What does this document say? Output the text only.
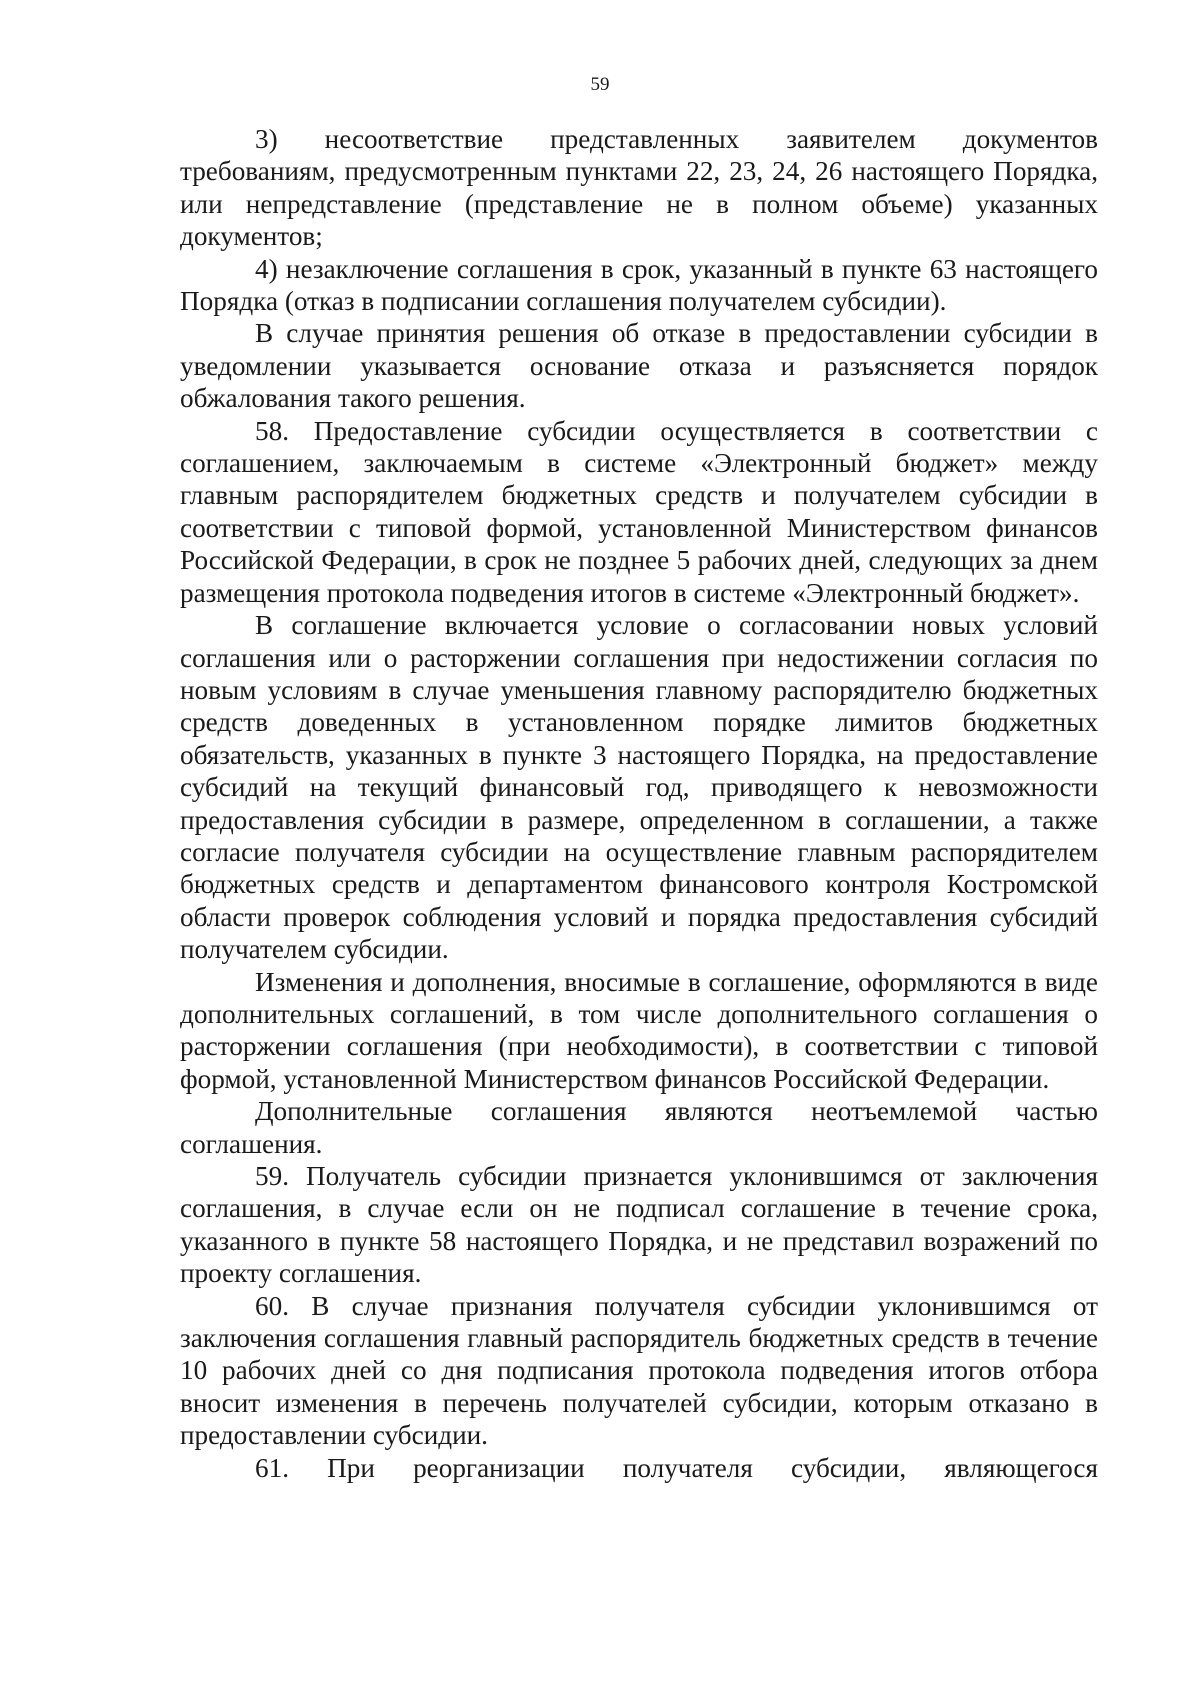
59

3) несоответствие представленных заявителем документов требованиям, предусмотренным пунктами 22, 23, 24, 26 настоящего Порядка, или непредставление (представление не в полном объеме) указанных документов;

4) незаключение соглашения в срок, указанный в пункте 63 настоящего Порядка (отказ в подписании соглашения получателем субсидии).

В случае принятия решения об отказе в предоставлении субсидии в уведомлении указывается основание отказа и разъясняется порядок обжалования такого решения.

58. Предоставление субсидии осуществляется в соответствии с соглашением, заключаемым в системе «Электронный бюджет» между главным распорядителем бюджетных средств и получателем субсидии в соответствии с типовой формой, установленной Министерством финансов Российской Федерации, в срок не позднее 5 рабочих дней, следующих за днем размещения протокола подведения итогов в системе «Электронный бюджет».

В соглашение включается условие о согласовании новых условий соглашения или о расторжении соглашения при недостижении согласия по новым условиям в случае уменьшения главному распорядителю бюджетных средств доведенных в установленном порядке лимитов бюджетных обязательств, указанных в пункте 3 настоящего Порядка, на предоставление субсидий на текущий финансовый год, приводящего к невозможности предоставления субсидии в размере, определенном в соглашении, а также согласие получателя субсидии на осуществление главным распорядителем бюджетных средств и департаментом финансового контроля Костромской области проверок соблюдения условий и порядка предоставления субсидий получателем субсидии.

Изменения и дополнения, вносимые в соглашение, оформляются в виде дополнительных соглашений, в том числе дополнительного соглашения о расторжении соглашения (при необходимости), в соответствии с типовой формой, установленной Министерством финансов Российской Федерации.

Дополнительные соглашения являются неотъемлемой частью соглашения.

59. Получатель субсидии признается уклонившимся от заключения соглашения, в случае если он не подписал соглашение в течение срока, указанного в пункте 58 настоящего Порядка, и не представил возражений по проекту соглашения.

60. В случае признания получателя субсидии уклонившимся от заключения соглашения главный распорядитель бюджетных средств в течение 10 рабочих дней со дня подписания протокола подведения итогов отбора вносит изменения в перечень получателей субсидии, которым отказано в предоставлении субсидии.

61. При реорганизации получателя субсидии, являющегося
